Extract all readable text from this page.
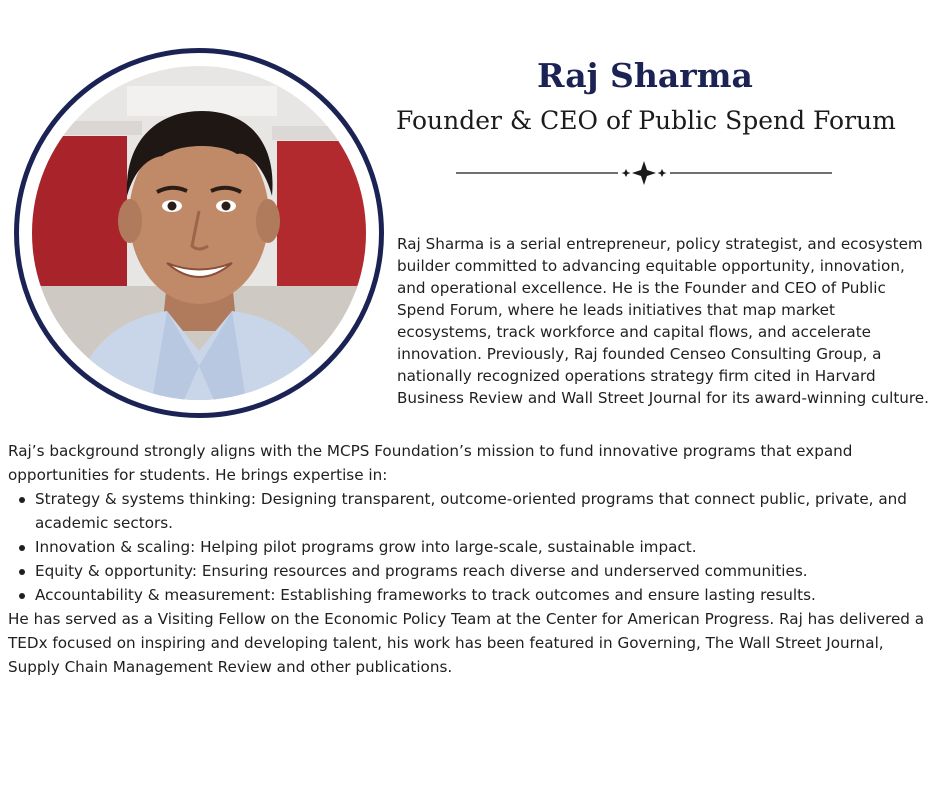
Raj Sharma
Founder & CEO of Public Spend Forum
Raj Sharma is a serial entrepreneur, policy strategist, and ecosystem builder committed to advancing equitable opportunity, innovation, and operational excellence. He is the Founder and CEO of Public Spend Forum, where he leads initiatives that map market ecosystems, track workforce and capital flows, and accelerate innovation. Previously, Raj founded Censeo Consulting Group, a nationally recognized operations strategy firm cited in Harvard Business Review and Wall Street Journal for its award-winning culture.

Raj’s background strongly aligns with the MCPS Foundation’s mission to fund innovative programs that expand opportunities for students. He brings expertise in:

Strategy & systems thinking: Designing transparent, outcome-oriented programs that connect public, private, and academic sectors.
Innovation & scaling: Helping pilot programs grow into large-scale, sustainable impact.
Equity & opportunity: Ensuring resources and programs reach diverse and underserved communities.
Accountability & measurement: Establishing frameworks to track outcomes and ensure lasting results.

He has served as a Visiting Fellow on the Economic Policy Team at the Center for American Progress. Raj has delivered a TEDx focused on inspiring and developing talent, his work has been featured in Governing, The Wall Street Journal, Supply Chain Management Review and other publications.
